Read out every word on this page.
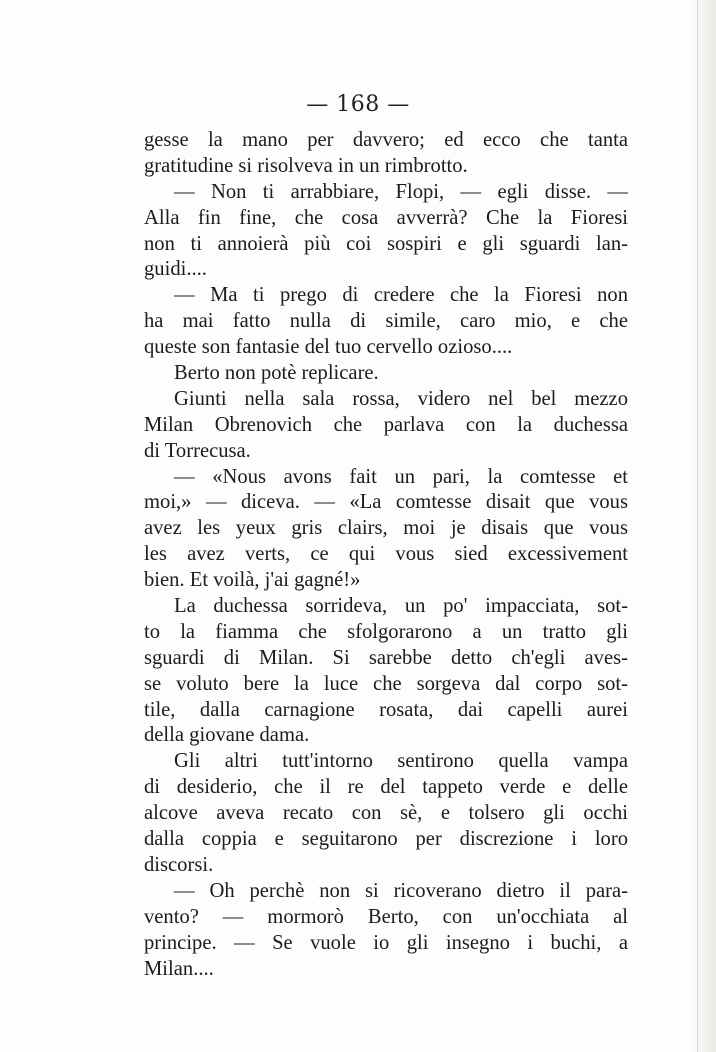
— 168 —
gesse la mano per davvero; ed ecco che tanta
gratitudine si risolveva in un rimbrotto.
— Non ti arrabbiare, Flopi, — egli disse. —
Alla fin fine, che cosa avverrà? Che la Fioresi
non ti annoierà più coi sospiri e gli sguardi lan-
guidi....
— Ma ti prego di credere che la Fioresi non
ha mai fatto nulla di simile, caro mio, e che
queste son fantasie del tuo cervello ozioso....
Berto non potè replicare.
Giunti nella sala rossa, videro nel bel mezzo
Milan Obrenovich che parlava con la duchessa
di Torrecusa.
— «Nous avons fait un pari, la comtesse et
moi,» — diceva. — «La comtesse disait que vous
avez les yeux gris clairs, moi je disais que vous
les avez verts, ce qui vous sied excessivement
bien. Et voilà, j'ai gagné!»
La duchessa sorrideva, un po' impacciata, sot-
to la fiamma che sfolgorarono a un tratto gli
sguardi di Milan. Si sarebbe detto ch'egli aves-
se voluto bere la luce che sorgeva dal corpo sot-
tile, dalla carnagione rosata, dai capelli aurei
della giovane dama.
Gli altri tutt'intorno sentirono quella vampa
di desiderio, che il re del tappeto verde e delle
alcove aveva recato con sè, e tolsero gli occhi
dalla coppia e seguitarono per discrezione i loro
discorsi.
— Oh perchè non si ricoverano dietro il para-
vento? — mormorò Berto, con un'occhiata al
principe. — Se vuole io gli insegno i buchi, a
Milan....
